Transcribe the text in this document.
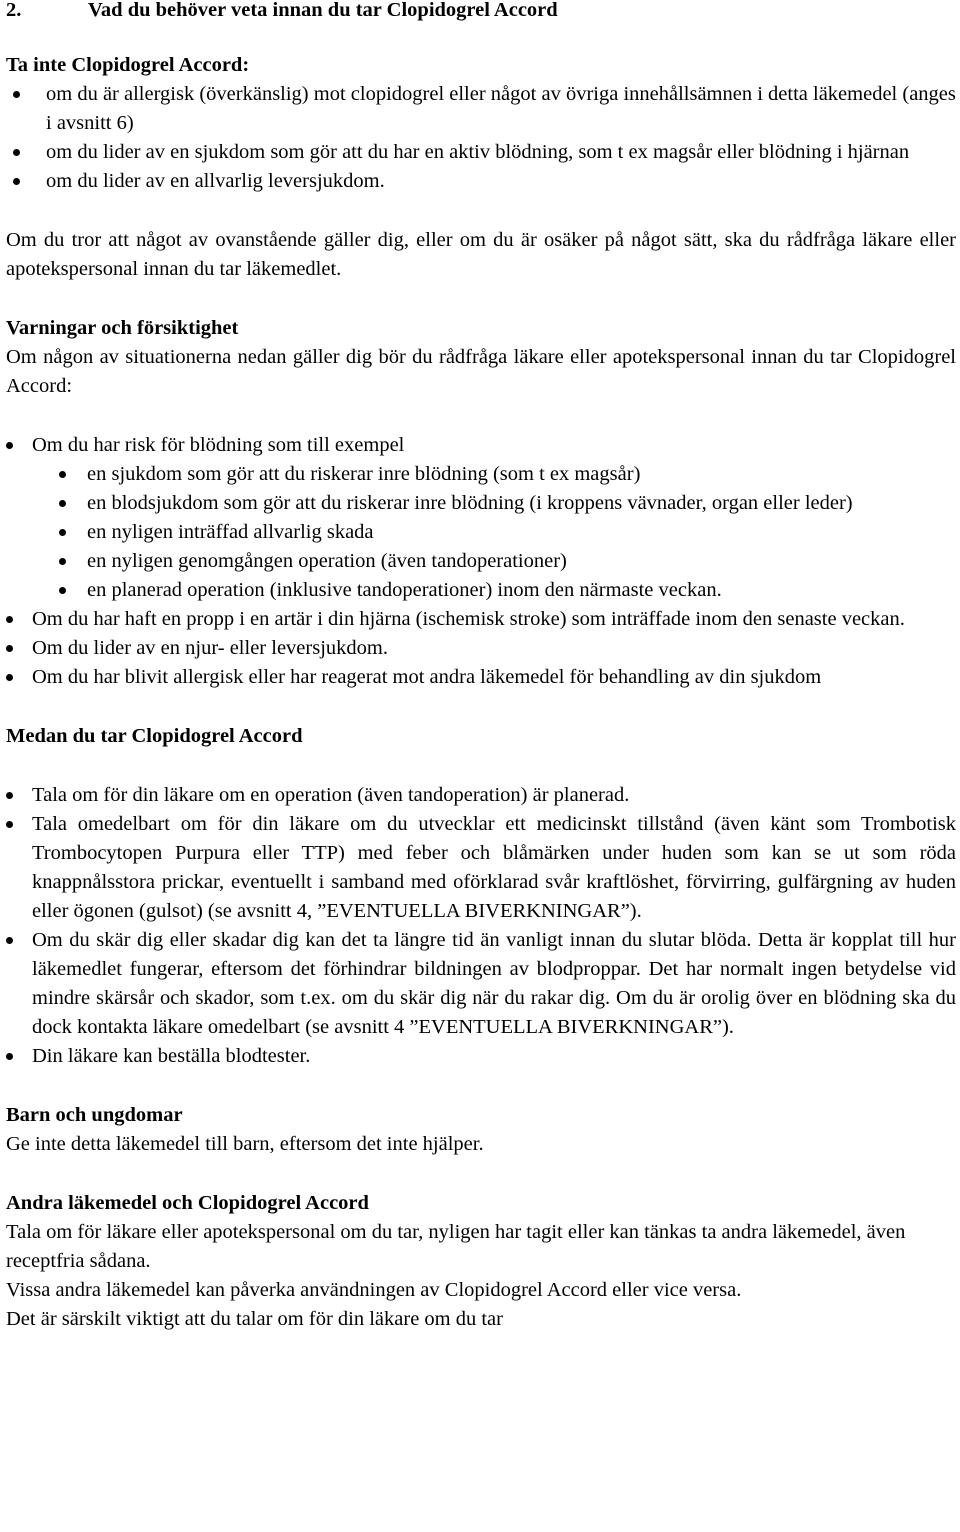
2.	Vad du behöver veta innan du tar Clopidogrel Accord
Ta inte Clopidogrel Accord:
om du är allergisk (överkänslig) mot clopidogrel eller något av övriga innehållsämnen i detta läkemedel (anges i avsnitt 6)
om du lider av en sjukdom som gör att du har en aktiv blödning, som t ex magsår eller blödning i hjärnan
om du lider av en allvarlig leversjukdom.

Om du tror att något av ovanstående gäller dig, eller om du är osäker på något sätt, ska du rådfråga läkare eller apotekspersonal innan du tar läkemedlet.

Varningar och försiktighet

Om någon av situationerna nedan gäller dig bör du rådfråga läkare eller apotekspersonal innan du tar Clopidogrel Accord:

Om du har risk för blödning som till exempel
en sjukdom som gör att du riskerar inre blödning (som t ex magsår)
en blodsjukdom som gör att du riskerar inre blödning (i kroppens vävnader, organ eller leder)
en nyligen inträffad allvarlig skada
en nyligen genomgången operation (även tandoperationer)
en planerad operation (inklusive tandoperationer) inom den närmaste veckan.
Om du har haft en propp i en artär i din hjärna (ischemisk stroke) som inträffade inom den senaste veckan.
Om du lider av en njur- eller leversjukdom.
Om du har blivit allergisk eller har reagerat mot andra läkemedel för behandling av din sjukdom
Medan du tar Clopidogrel Accord
Tala om för din läkare om en operation (även tandoperation) är planerad.
Tala omedelbart om för din läkare om du utvecklar ett medicinskt tillstånd (även känt som Trombotisk Trombocytopen Purpura eller TTP) med feber och blåmärken under huden som kan se ut som röda knappnålsstora prickar, eventuellt i samband med oförklarad svår kraftlöshet, förvirring, gulfärgning av huden eller ögonen (gulsot) (se avsnitt 4, ”EVENTUELLA BIVERKNINGAR”).
Om du skär dig eller skadar dig kan det ta längre tid än vanligt innan du slutar blöda. Detta är kopplat till hur läkemedlet fungerar, eftersom det förhindrar bildningen av blodproppar. Det har normalt ingen betydelse vid mindre skärsår och skador, som t.ex. om du skär dig när du rakar dig. Om du är orolig över en blödning ska du dock kontakta läkare omedelbart (se avsnitt 4 ”EVENTUELLA BIVERKNINGAR”).
Din läkare kan beställa blodtester.
Barn och ungdomar

Ge inte detta läkemedel till barn, eftersom det inte hjälper.

Andra läkemedel och Clopidogrel Accord

Tala om för läkare eller apotekspersonal om du tar, nyligen har tagit eller kan tänkas ta andra läkemedel, även receptfria sådana.

Vissa andra läkemedel kan påverka användningen av Clopidogrel Accord eller vice versa.

Det är särskilt viktigt att du talar om för din läkare om du tar
